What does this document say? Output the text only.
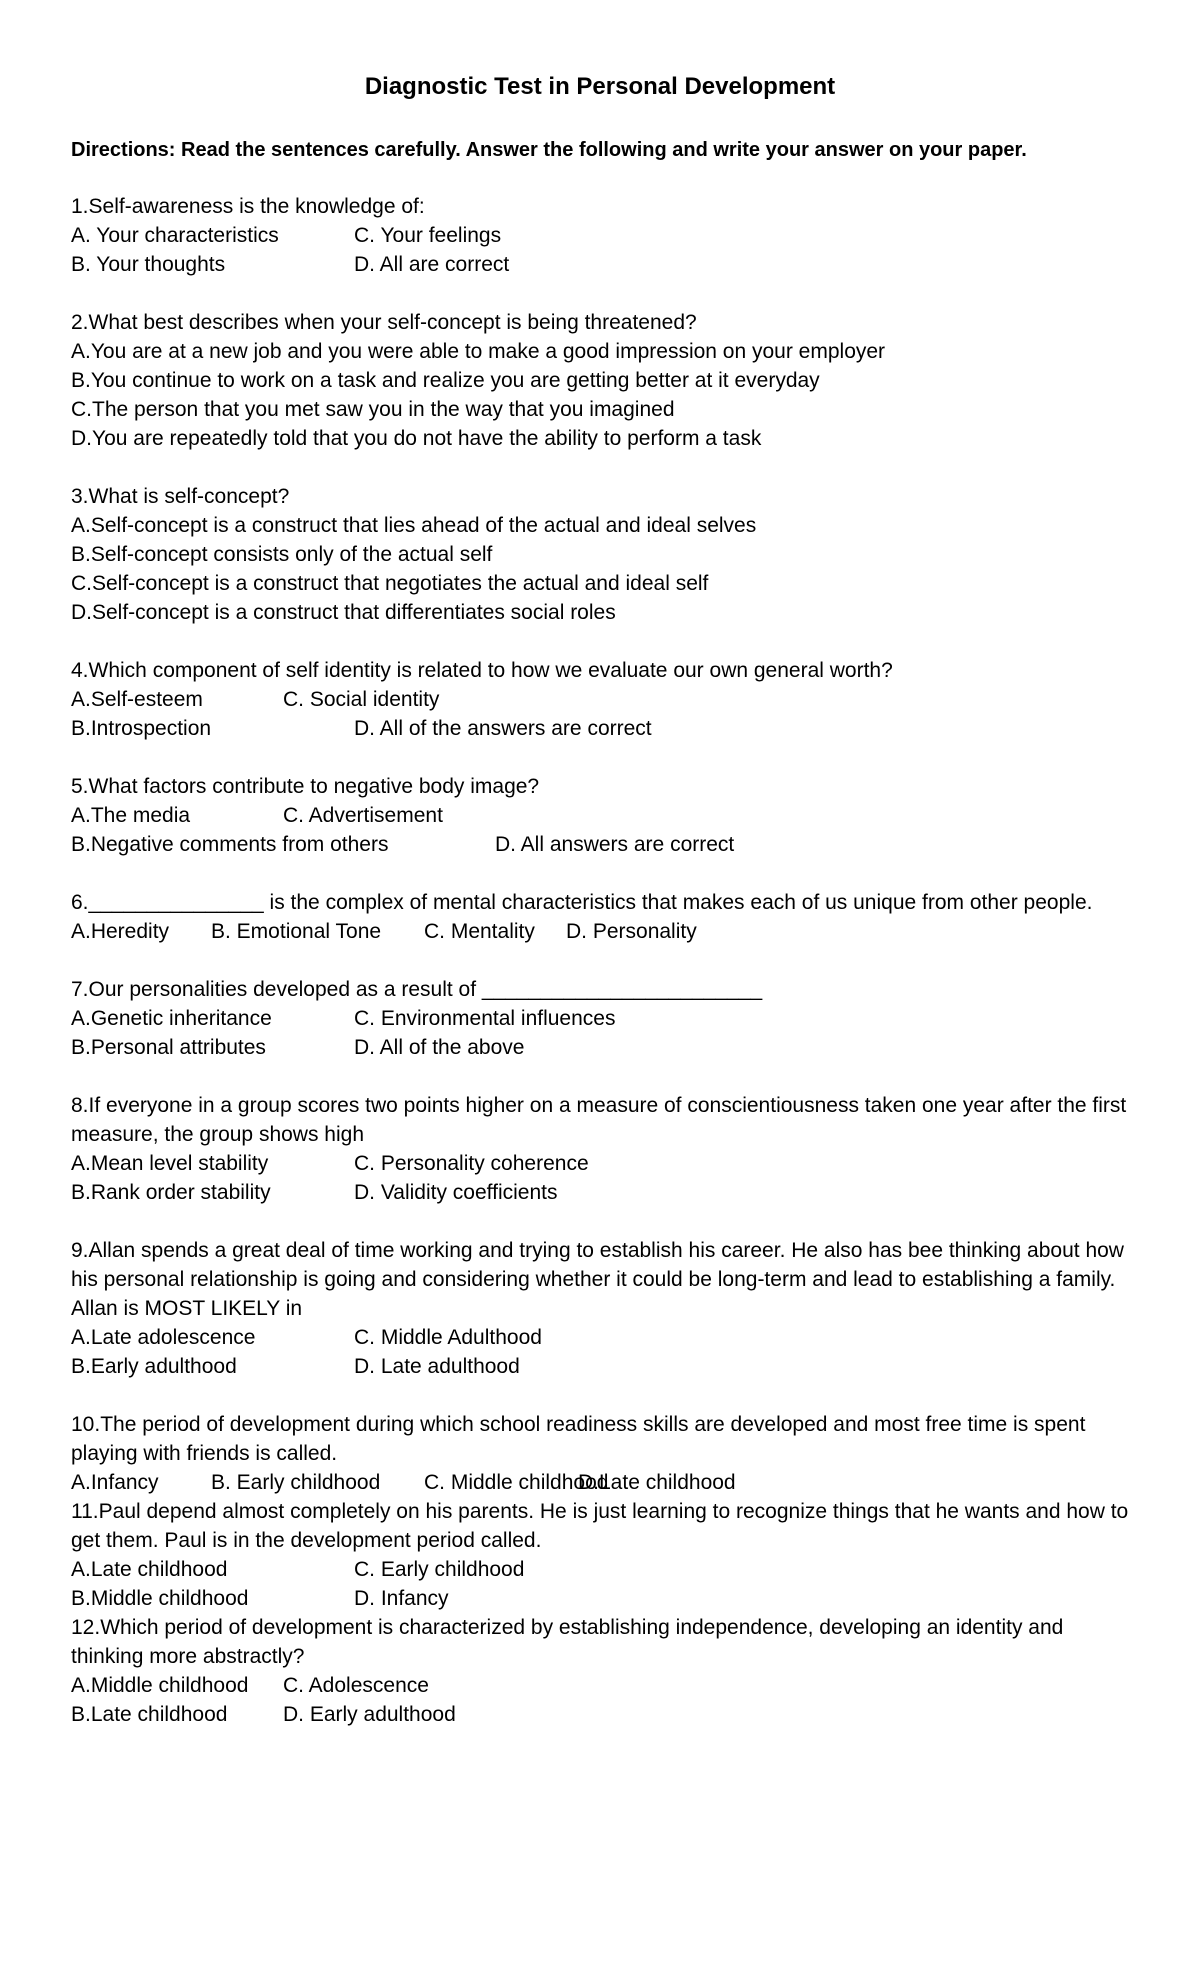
Diagnostic Test in Personal Development

Directions: Read the sentences carefully. Answer the following and write your answer on your paper.

1.Self-awareness is the knowledge of:
A. Your characteristics	C. Your feelings
B. Your thoughts	D. All are correct
2.What best describes when your self-concept is being threatened?
A.You are at a new job and you were able to make a good impression on your employer
B.You continue to work on a task and realize you are getting better at it everyday
C.The person that you met saw you in the way that you imagined
D.You are repeatedly told that you do not have the ability to perform a task
3.What is self-concept?
A.Self-concept is a construct that lies ahead of the actual and ideal selves
B.Self-concept consists only of the actual self
C.Self-concept is a construct that negotiates the actual and ideal self
D.Self-concept is a construct that differentiates social roles
4.Which component of self identity is related to how we evaluate our own general worth?
A.Self-esteem	C. Social identity
B.Introspection	D. All of the answers are correct
5.What factors contribute to negative body image?
A.The media	C. Advertisement
B.Negative comments from others	D. All answers are correct
6._______________ is the complex of mental characteristics that makes each of us unique from other people.
A.Heredity B. Emotional Tone C. Mentality D. Personality
7.Our personalities developed as a result of ________________________
A.Genetic inheritance	C. Environmental influences
B.Personal attributes	D. All of the above
8.If everyone in a group scores two points higher on a measure of conscientiousness taken one year after the first measure, the group shows high
A.Mean level stability	C. Personality coherence
B.Rank order stability	D. Validity coefficients
9.Allan spends a great deal of time working and trying to establish his career. He also has bee thinking about how his personal relationship is going and considering whether it could be long-term and lead to establishing a family. Allan is MOST LIKELY in
A.Late adolescence	C. Middle Adulthood
B.Early adulthood	D. Late adulthood
10.The period of development during which school readiness skills are developed and most free time is spent playing with friends is called.
A.Infancy B. Early childhood C. Middle childhood
D.Late childhood
11.Paul depend almost completely on his parents. He is just learning to recognize things that he wants and how to get them. Paul is in the development period called.
A.Late childhood	C. Early childhood
B.Middle childhood	D. Infancy
12.Which period of development is characterized by establishing independence, developing an identity and thinking more abstractly?
A.Middle childhood C. Adolescence
B.Late childhood	D. Early adulthood
